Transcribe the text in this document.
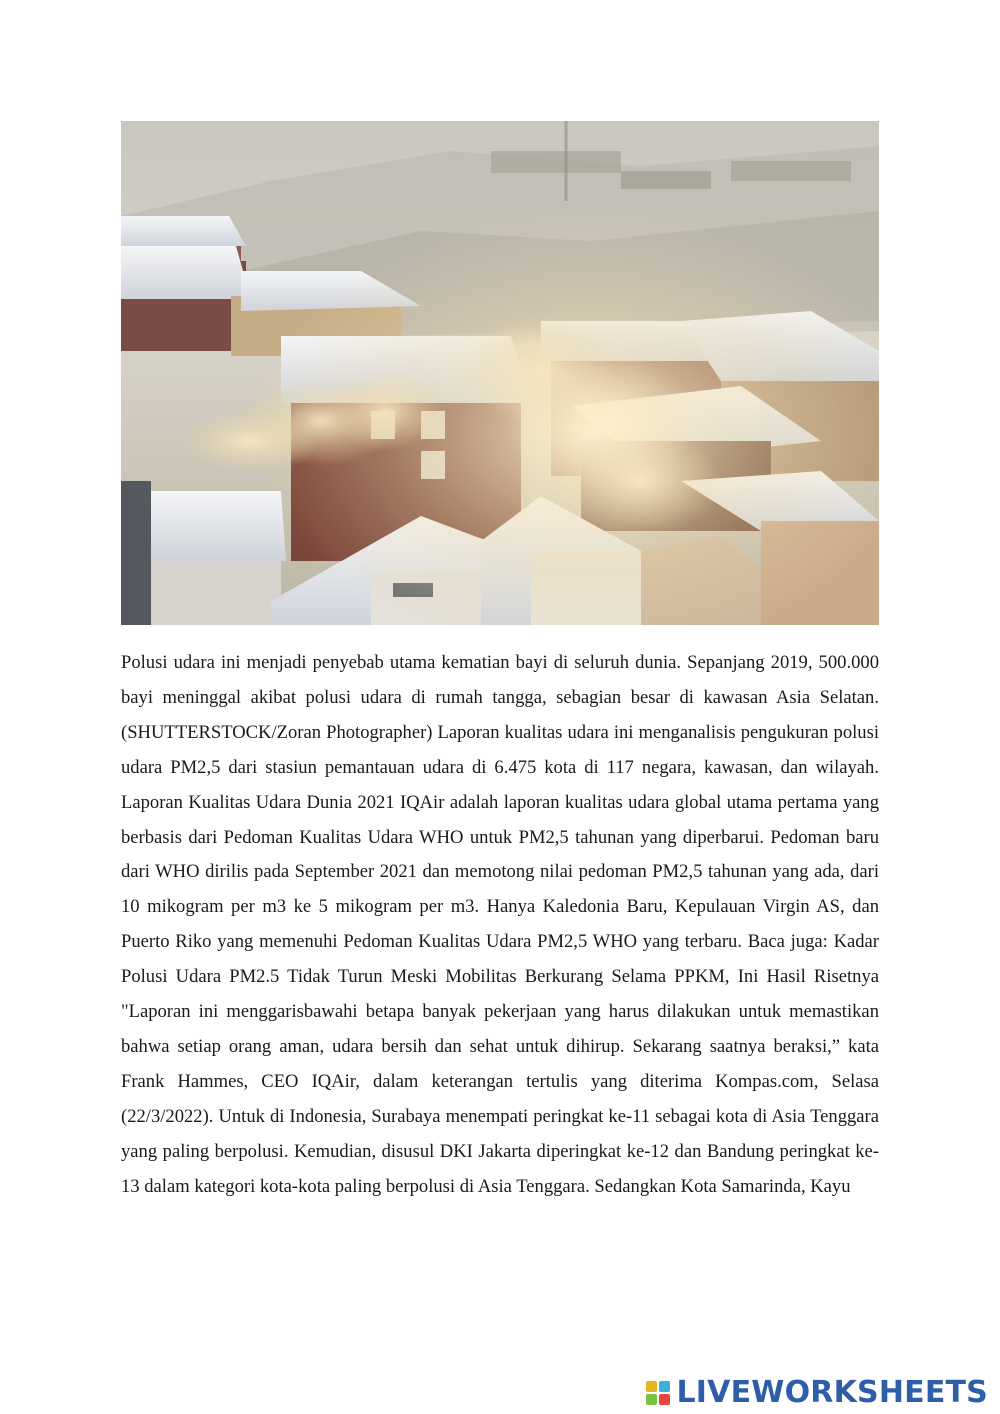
Polusi udara ini menjadi penyebab utama kematian bayi di seluruh dunia. Sepanjang 2019, 500.000 bayi meninggal akibat polusi udara di rumah tangga, sebagian besar di kawasan Asia Selatan. (SHUTTERSTOCK/Zoran Photographer) Laporan kualitas udara ini menganalisis pengukuran polusi udara PM2,5 dari stasiun pemantauan udara di 6.475 kota di 117 negara, kawasan, dan wilayah. Laporan Kualitas Udara Dunia 2021 IQAir adalah laporan kualitas udara global utama pertama yang berbasis dari Pedoman Kualitas Udara WHO untuk PM2,5 tahunan yang diperbarui. Pedoman baru dari WHO dirilis pada September 2021 dan memotong nilai pedoman PM2,5 tahunan yang ada, dari 10 mikogram per m3 ke 5 mikogram per m3. Hanya Kaledonia Baru, Kepulauan Virgin AS, dan Puerto Riko yang memenuhi Pedoman Kualitas Udara PM2,5 WHO yang terbaru. Baca juga: Kadar Polusi Udara PM2.5 Tidak Turun Meski Mobilitas Berkurang Selama PPKM, Ini Hasil Risetnya "Laporan ini menggarisbawahi betapa banyak pekerjaan yang harus dilakukan untuk memastikan bahwa setiap orang aman, udara bersih dan sehat untuk dihirup. Sekarang saatnya beraksi,” kata Frank Hammes, CEO IQAir, dalam keterangan tertulis yang diterima Kompas.com, Selasa (22/3/2022). Untuk di Indonesia, Surabaya menempati peringkat ke-11 sebagai kota di Asia Tenggara yang paling berpolusi. Kemudian, disusul DKI Jakarta diperingkat ke-12 dan Bandung peringkat ke-13 dalam kategori kota-kota paling berpolusi di Asia Tenggara. Sedangkan Kota Samarinda, Kayu

LIVEWORKSHEETS
